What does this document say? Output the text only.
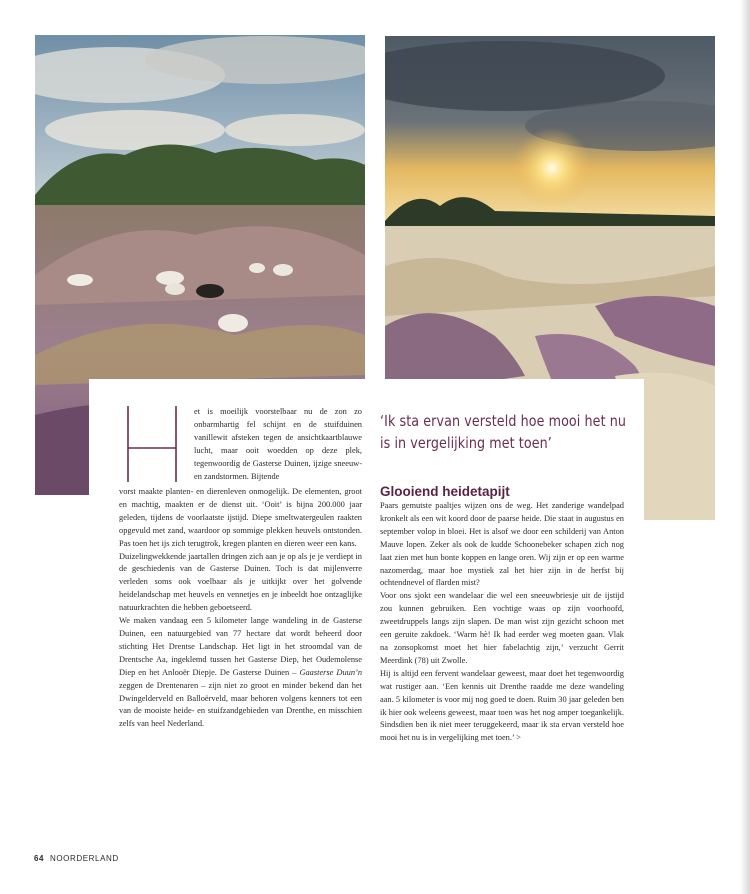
et is moeilijk voorstelbaar nu de zon zo onbarmhartig fel schijnt en de stuifduinen vanillewit afsteken tegen de ansichtkaartblauwe lucht, maar ooit woedden op deze plek, tegenwoordig de Gasterse Duinen, ijzige sneeuw- en zandstormen. Bijtende

vorst maakte planten- en dierenleven onmogelijk. De elementen, groot en machtig, maakten er de dienst uit. ‘Ooit’ is bijna 200.000 jaar geleden, tijdens de voorlaatste ijstijd. Diepe smeltwatergeulen raakten opgevuld met zand, waardoor op sommige plekken heuvels ontstonden. Pas toen het ijs zich terugtrok, kregen planten en dieren weer een kans.

Duizelingwekkende jaartallen dringen zich aan je op als je je verdiept in de geschiedenis van de Gasterse Duinen. Toch is dat mijlenverre verleden soms ook voelbaar als je uitkijkt over het golvende heidelandschap met heuvels en vennetjes en je inbeeldt hoe ontzaglijke natuurkrachten die hebben geboetseerd.

We maken vandaag een 5 kilometer lange wandeling in de Gasterse Duinen, een natuurgebied van 77 hectare dat wordt beheerd door stichting Het Drentse Landschap. Het ligt in het stroomdal van de Drentsche Aa, ingeklemd tussen het Gasterse Diep, het Oudemolense Diep en het Anlooër Diepje. De Gasterse Duinen – Gaasterse Duun’n zeggen de Drentenaren – zijn niet zo groot en minder bekend dan het Dwingelderveld en Balloërveld, maar behoren volgens kenners tot een van de mooiste heide- en stuifzandgebieden van Drenthe, en misschien zelfs van heel Nederland.

‘Ik sta ervan versteld hoe mooi het nu is in vergelijking met toen’
Glooiend heidetapijt

Paars gemutste paaltjes wijzen ons de weg. Het zanderige wandelpad kronkelt als een wit koord door de paarse heide. Die staat in augustus en september volop in bloei. Het is alsof we door een schilderij van Anton Mauve lopen. Zeker als ook de kudde Schoonebeker schapen zich nog laat zien met hun bonte koppen en lange oren. Wij zijn er op een warme nazomerdag, maar hoe mystiek zal het hier zijn in de herfst bij ochtendnevel of flarden mist?

Voor ons sjokt een wandelaar die wel een sneeuwbriesje uit de ijstijd zou kunnen gebruiken. Een vochtige waas op zijn voorhoofd, zweetdruppels langs zijn slapen. De man wist zijn gezicht schoon met een geruite zakdoek. ‘Warm hè! Ik had eerder weg moeten gaan. Vlak na zonsopkomst moet het hier fabelachtig zijn,’ verzucht Gerrit Meerdink (78) uit Zwolle.

Hij is altijd een fervent wandelaar geweest, maar doet het tegenwoordig wat rustiger aan. ‘Een kennis uit Drenthe raadde me deze wandeling aan. 5 kilometer is voor mij nog goed te doen. Ruim 30 jaar geleden ben ik hier ook weleens geweest, maar toen was het nog amper toegankelijk. Sindsdien ben ik niet meer teruggekeerd, maar ik sta ervan versteld hoe mooi het nu is in vergelijking met toen.’ >

64 NOORDERLAND
